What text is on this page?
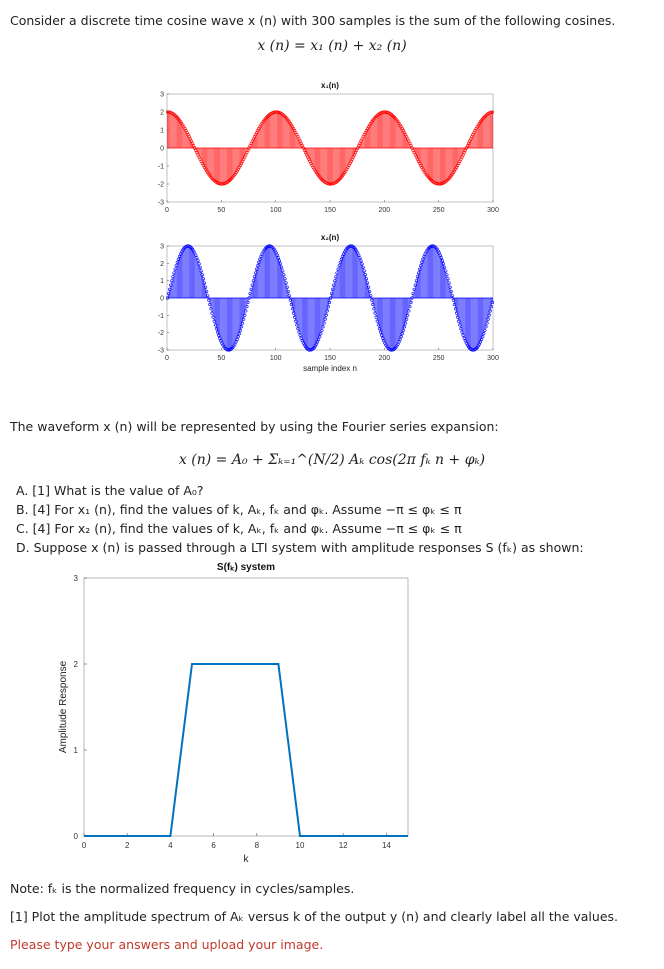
Consider a discrete time cosine wave x (n) with 300 samples is the sum of the following cosines.
x (n) = x₁ (n) + x₂ (n)
0	50	100	150	200	250	300
3
2
1
0
-1
-2
-3
x₁(n)
0	50	100	150	200	250	300
3
2
1
0
-1
-2
-3
x₂(n)
sample index n
The waveform x (n) will be represented by using the Fourier series expansion:
x (n) = A₀ + Σₖ₌₁^(N/2) Aₖ cos(2π fₖ n + φₖ)
A. [1] What is the value of A₀?
B. [4] For x₁ (n), find the values of k, Aₖ, fₖ and φₖ. Assume −π ≤ φₖ ≤ π
C. [4] For x₂ (n), find the values of k, Aₖ, fₖ and φₖ. Assume −π ≤ φₖ ≤ π
D. Suppose x (n) is passed through a LTI system with amplitude responses S (fₖ) as shown:
0	2	4	6	8	10	12	14
0
1
2
3
S(fₖ) system
k
Amplitude Response
Note: fₖ is the normalized frequency in cycles/samples.
[1] Plot the amplitude spectrum of Aₖ versus k of the output y (n) and clearly label all the values.
Please type your answers and upload your image.
